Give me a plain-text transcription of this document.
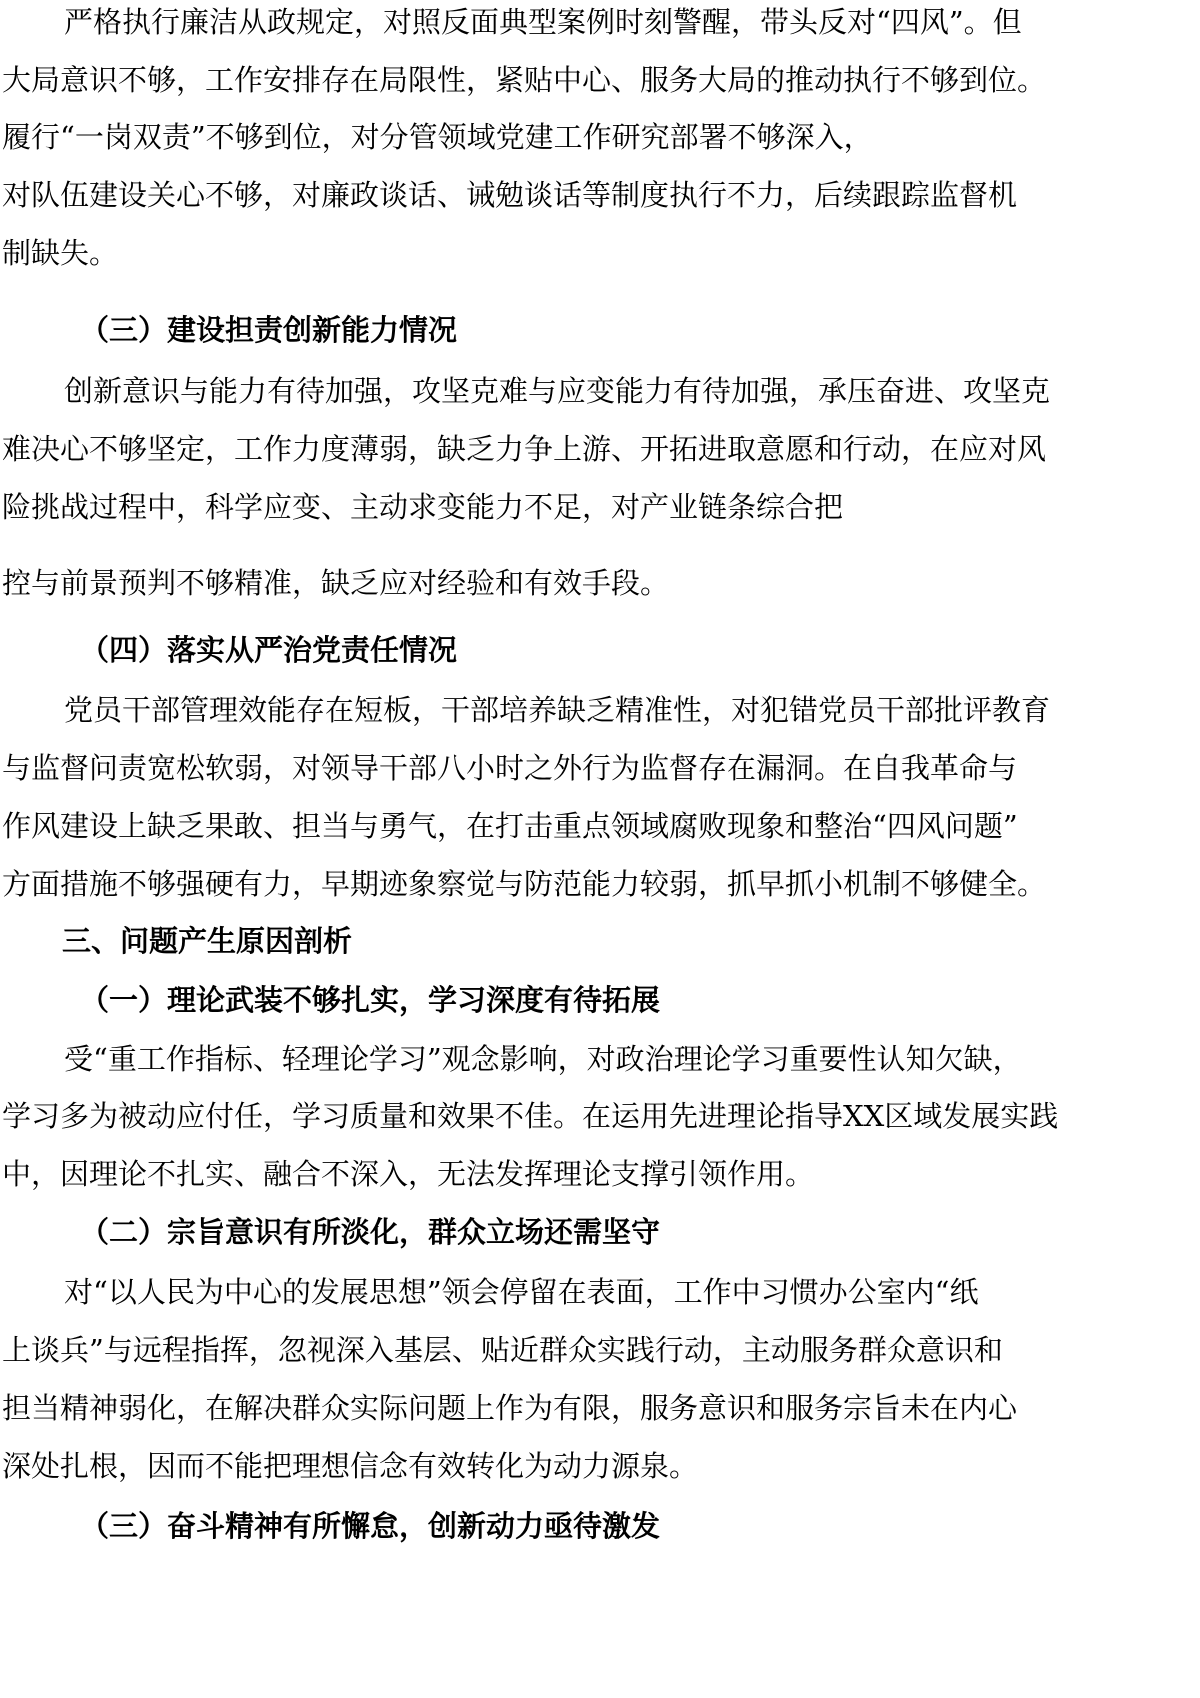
严格执行廉洁从政规定，对照反面典型案例时刻警醒，带头反对“四风”。但
大局意识不够，工作安排存在局限性，紧贴中心、服务大局的推动执行不够到位。
履行“一岗双责”不够到位，对分管领域党建工作研究部署不够深入，
对队伍建设关心不够，对廉政谈话、诫勉谈话等制度执行不力，后续跟踪监督机
制缺失。
（三）建设担责创新能力情况
创新意识与能力有待加强，攻坚克难与应变能力有待加强，承压奋进、攻坚克
难决心不够坚定，工作力度薄弱，缺乏力争上游、开拓进取意愿和行动，在应对风
险挑战过程中，科学应变、主动求变能力不足，对产业链条综合把
控与前景预判不够精准，缺乏应对经验和有效手段。
（四）落实从严治党责任情况
党员干部管理效能存在短板，干部培养缺乏精准性，对犯错党员干部批评教育
与监督问责宽松软弱，对领导干部八小时之外行为监督存在漏洞。在自我革命与
作风建设上缺乏果敢、担当与勇气，在打击重点领域腐败现象和整治“四风问题”
方面措施不够强硬有力，早期迹象察觉与防范能力较弱，抓早抓小机制不够健全。
三、问题产生原因剖析
（一）理论武装不够扎实，学习深度有待拓展
受“重工作指标、轻理论学习”观念影响，对政治理论学习重要性认知欠缺，
学习多为被动应付任，学习质量和效果不佳。在运用先进理论指导XX区域发展实践
中，因理论不扎实、融合不深入，无法发挥理论支撑引领作用。
（二）宗旨意识有所淡化，群众立场还需坚守
对“以人民为中心的发展思想”领会停留在表面，工作中习惯办公室内“纸
上谈兵”与远程指挥，忽视深入基层、贴近群众实践行动，主动服务群众意识和
担当精神弱化，在解决群众实际问题上作为有限，服务意识和服务宗旨未在内心
深处扎根，因而不能把理想信念有效转化为动力源泉。
（三）奋斗精神有所懈怠，创新动力亟待激发
